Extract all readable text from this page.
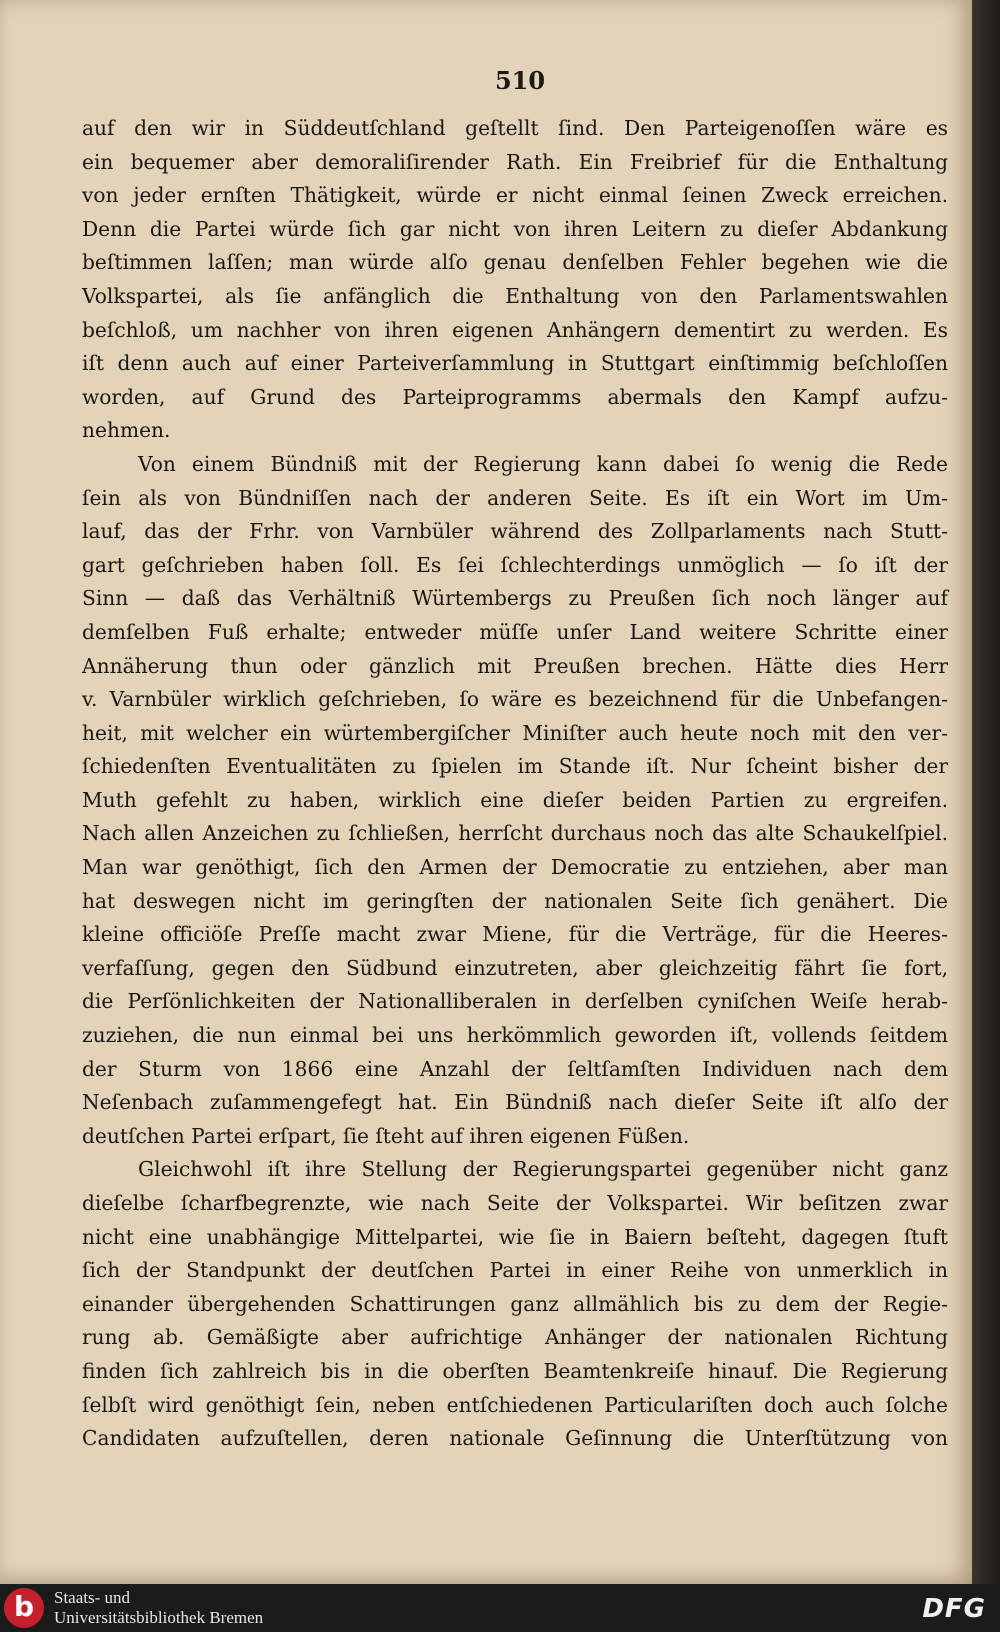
510
auf den wir in Süddeutſchland geſtellt ſind. Den Parteigenoſſen wäre es
ein bequemer aber demoraliſirender Rath. Ein Freibrief für die Enthaltung
von jeder ernſten Thätigkeit, würde er nicht einmal ſeinen Zweck erreichen.
Denn die Partei würde ſich gar nicht von ihren Leitern zu dieſer Abdankung
beſtimmen laſſen; man würde alſo genau denſelben Fehler begehen wie die
Volkspartei, als ſie anfänglich die Enthaltung von den Parlamentswahlen
beſchloß, um nachher von ihren eigenen Anhängern dementirt zu werden. Es
iſt denn auch auf einer Parteiverſammlung in Stuttgart einſtimmig beſchloſſen
worden, auf Grund des Parteiprogramms abermals den Kampf aufzu-
nehmen.
Von einem Bündniß mit der Regierung kann dabei ſo wenig die Rede
ſein als von Bündniſſen nach der anderen Seite. Es iſt ein Wort im Um-
lauf, das der Frhr. von Varnbüler während des Zollparlaments nach Stutt-
gart geſchrieben haben ſoll. Es ſei ſchlechterdings unmöglich — ſo iſt der
Sinn — daß das Verhältniß Würtembergs zu Preußen ſich noch länger auf
demſelben Fuß erhalte; entweder müſſe unſer Land weitere Schritte einer
Annäherung thun oder gänzlich mit Preußen brechen. Hätte dies Herr
v. Varnbüler wirklich geſchrieben, ſo wäre es bezeichnend für die Unbefangen-
heit, mit welcher ein würtembergiſcher Miniſter auch heute noch mit den ver-
ſchiedenſten Eventualitäten zu ſpielen im Stande iſt. Nur ſcheint bisher der
Muth gefehlt zu haben, wirklich eine dieſer beiden Partien zu ergreifen.
Nach allen Anzeichen zu ſchließen, herrſcht durchaus noch das alte Schaukelſpiel.
Man war genöthigt, ſich den Armen der Democratie zu entziehen, aber man
hat deswegen nicht im geringſten der nationalen Seite ſich genähert. Die
kleine officiöſe Preſſe macht zwar Miene, für die Verträge, für die Heeres-
verfaſſung, gegen den Südbund einzutreten, aber gleichzeitig fährt ſie fort,
die Perſönlichkeiten der Nationalliberalen in derſelben cyniſchen Weiſe herab-
zuziehen, die nun einmal bei uns herkömmlich geworden iſt, vollends ſeitdem
der Sturm von 1866 eine Anzahl der ſeltſamſten Individuen nach dem
Neſenbach zuſammengefegt hat. Ein Bündniß nach dieſer Seite iſt alſo der
deutſchen Partei erſpart, ſie ſteht auf ihren eigenen Füßen.
Gleichwohl iſt ihre Stellung der Regierungspartei gegenüber nicht ganz
dieſelbe ſcharfbegrenzte, wie nach Seite der Volkspartei. Wir beſitzen zwar
nicht eine unabhängige Mittelpartei, wie ſie in Baiern beſteht, dagegen ſtuft
ſich der Standpunkt der deutſchen Partei in einer Reihe von unmerklich in
einander übergehenden Schattirungen ganz allmählich bis zu dem der Regie-
rung ab. Gemäßigte aber aufrichtige Anhänger der nationalen Richtung
finden ſich zahlreich bis in die oberſten Beamtenkreiſe hinauf. Die Regierung
ſelbſt wird genöthigt ſein, neben entſchiedenen Particulariſten doch auch ſolche
Candidaten aufzuſtellen, deren nationale Geſinnung die Unterſtützung von
b	Staats- und
Universitätsbibliothek Bremen	DFG
